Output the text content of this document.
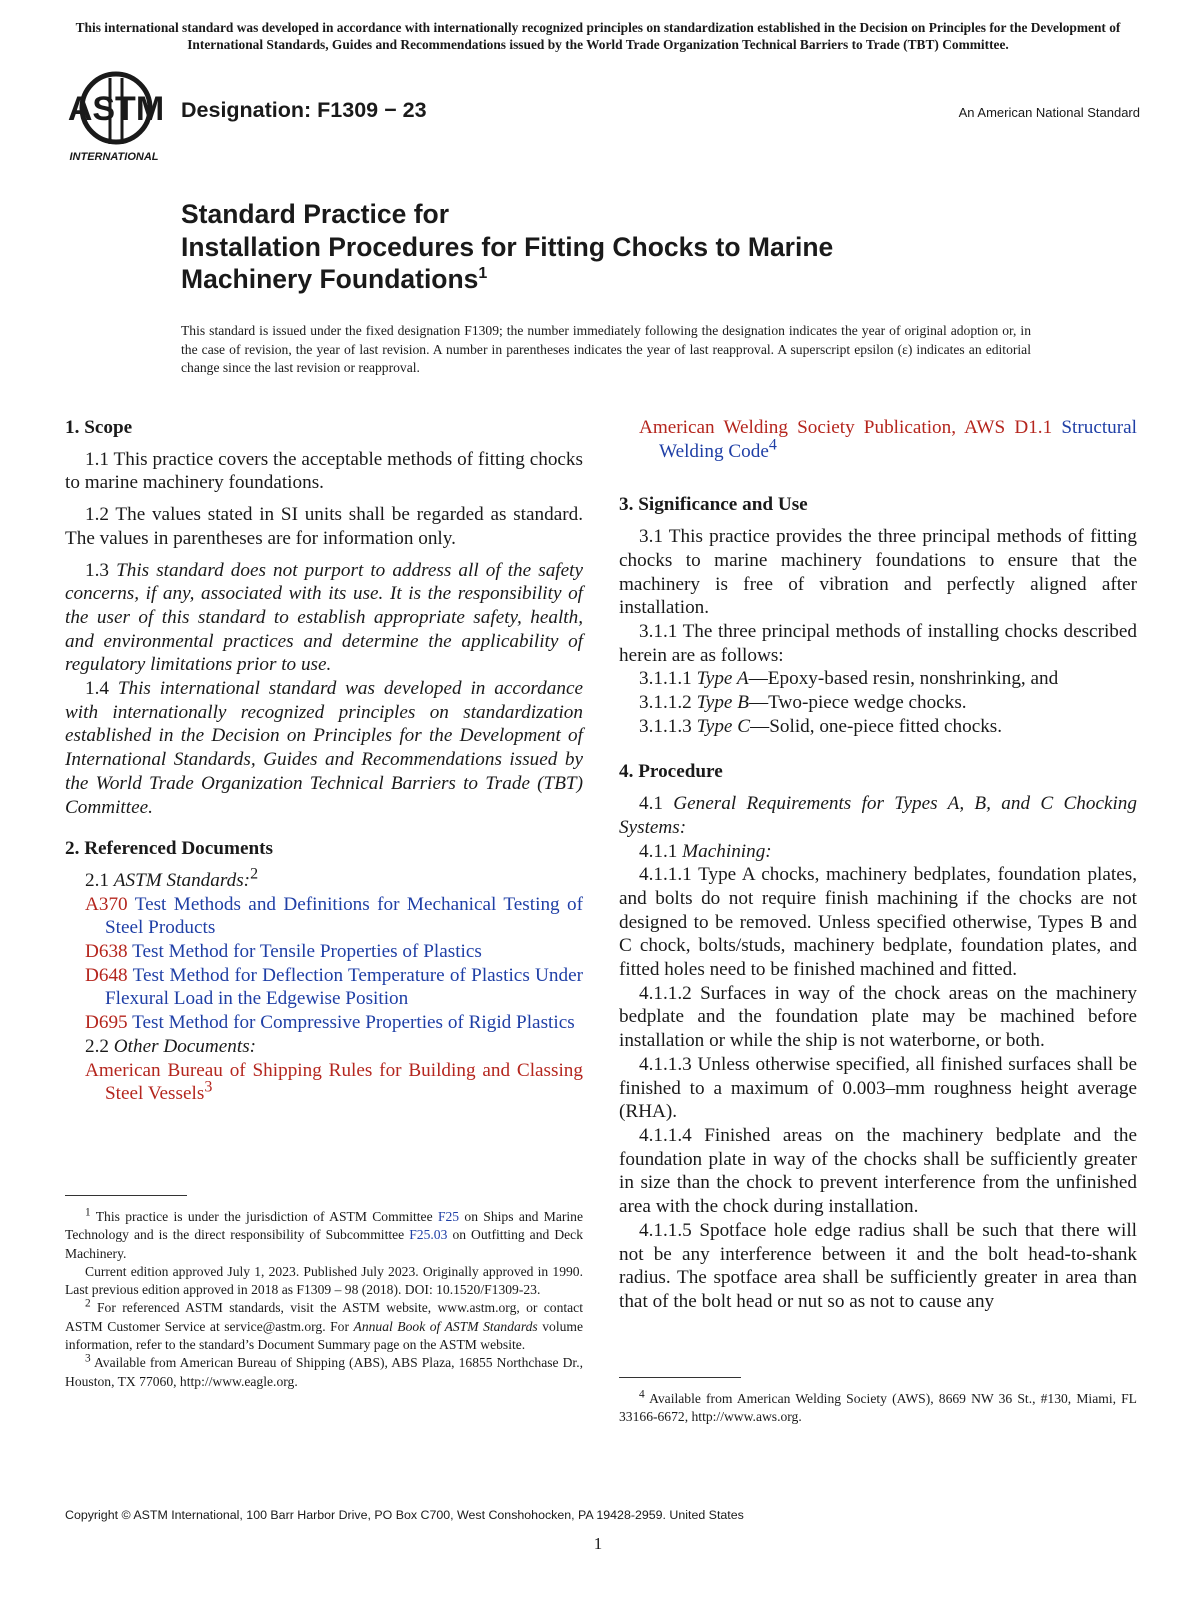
This international standard was developed in accordance with internationally recognized principles on standardization established in the Decision on Principles for the Development of International Standards, Guides and Recommendations issued by the World Trade Organization Technical Barriers to Trade (TBT) Committee.
ASTM
INTERNATIONAL
Designation: F1309 − 23	An American National Standard
Standard Practice for
Installation Procedures for Fitting Chocks to Marine
Machinery Foundations$^1$
This standard is issued under the fixed designation F1309; the number immediately following the designation indicates the year of original adoption or, in the case of revision, the year of last revision. A number in parentheses indicates the year of last reapproval. A superscript epsilon (ε) indicates an editorial change since the last revision or reapproval.
1. Scope

1.1 This practice covers the acceptable methods of fitting chocks to marine machinery foundations.

1.2 The values stated in SI units shall be regarded as standard. The values in parentheses are for information only.

1.3 This standard does not purport to address all of the safety concerns, if any, associated with its use. It is the responsibility of the user of this standard to establish appropriate safety, health, and environmental practices and determine the applicability of regulatory limitations prior to use.

1.4 This international standard was developed in accordance with internationally recognized principles on standardization established in the Decision on Principles for the Development of International Standards, Guides and Recommendations issued by the World Trade Organization Technical Barriers to Trade (TBT) Committee.

2. Referenced Documents

2.1 ASTM Standards:$^2$

A370 Test Methods and Definitions for Mechanical Testing of Steel Products

D638 Test Method for Tensile Properties of Plastics

D648 Test Method for Deflection Temperature of Plastics Under Flexural Load in the Edgewise Position

D695 Test Method for Compressive Properties of Rigid Plastics

2.2 Other Documents:

American Bureau of Shipping Rules for Building and Classing Steel Vessels$^3$

$^1$ This practice is under the jurisdiction of ASTM Committee F25 on Ships and Marine Technology and is the direct responsibility of Subcommittee F25.03 on Outfitting and Deck Machinery.
Current edition approved July 1, 2023. Published July 2023. Originally approved in 1990. Last previous edition approved in 2018 as F1309 – 98 (2018). DOI: 10.1520/F1309-23.
$^2$ For referenced ASTM standards, visit the ASTM website, www.astm.org, or contact ASTM Customer Service at service@astm.org. For Annual Book of ASTM Standards volume information, refer to the standard’s Document Summary page on the ASTM website.
$^3$ Available from American Bureau of Shipping (ABS), ABS Plaza, 16855 Northchase Dr., Houston, TX 77060, http://www.eagle.org.

American Welding Society Publication, AWS D1.1 Structural Welding Code$^4$

3. Significance and Use

3.1 This practice provides the three principal methods of fitting chocks to marine machinery foundations to ensure that the machinery is free of vibration and perfectly aligned after installation.

3.1.1 The three principal methods of installing chocks described herein are as follows:

3.1.1.1 Type A—Epoxy-based resin, nonshrinking, and

3.1.1.2 Type B—Two-piece wedge chocks.

3.1.1.3 Type C—Solid, one-piece fitted chocks.

4. Procedure

4.1 General Requirements for Types A, B, and C Chocking Systems:

4.1.1 Machining:

4.1.1.1 Type A chocks, machinery bedplates, foundation plates, and bolts do not require finish machining if the chocks are not designed to be removed. Unless specified otherwise, Types B and C chock, bolts/studs, machinery bedplate, foundation plates, and fitted holes need to be finished machined and fitted.

4.1.1.2 Surfaces in way of the chock areas on the machinery bedplate and the foundation plate may be machined before installation or while the ship is not waterborne, or both.

4.1.1.3 Unless otherwise specified, all finished surfaces shall be finished to a maximum of 0.003–mm roughness height average (RHA).

4.1.1.4 Finished areas on the machinery bedplate and the foundation plate in way of the chocks shall be sufficiently greater in size than the chock to prevent interference from the unfinished area with the chock during installation.

4.1.1.5 Spotface hole edge radius shall be such that there will not be any interference between it and the bolt head-to-shank radius. The spotface area shall be sufficiently greater in area than that of the bolt head or nut so as not to cause any

$^4$ Available from American Welding Society (AWS), 8669 NW 36 St., #130, Miami, FL 33166-6672, http://www.aws.org.
Copyright © ASTM International, 100 Barr Harbor Drive, PO Box C700, West Conshohocken, PA 19428-2959. United States
1
